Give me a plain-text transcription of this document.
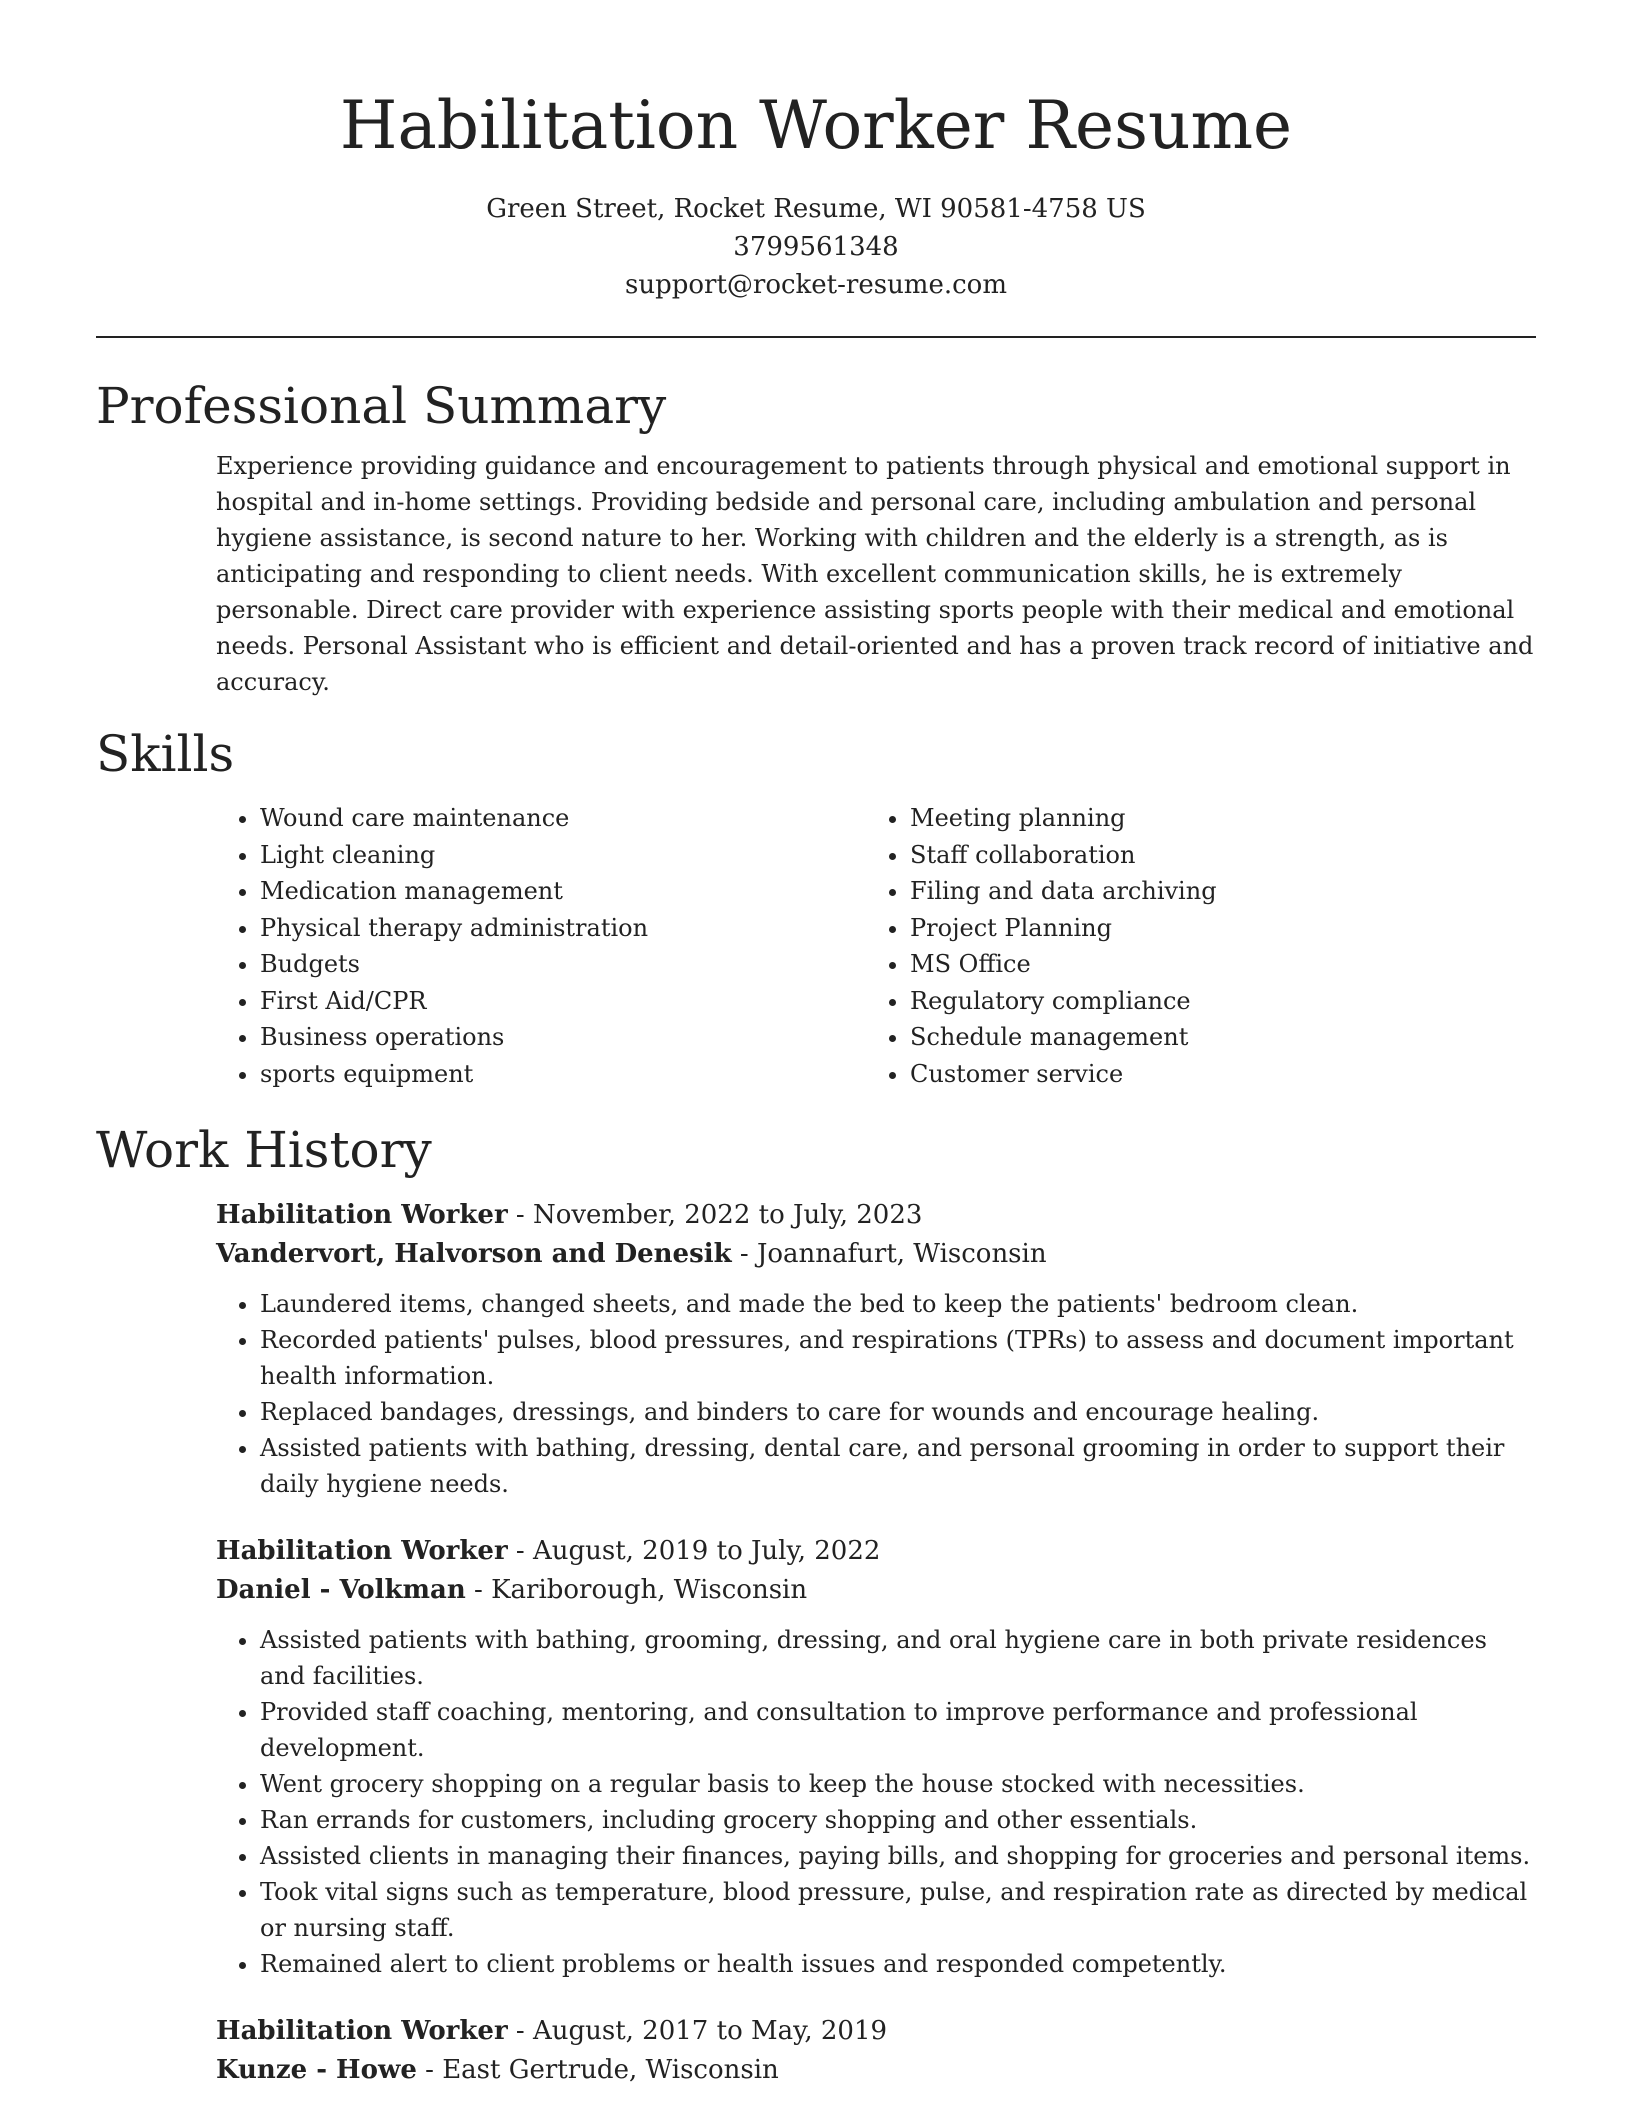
Habilitation Worker Resume

Green Street, Rocket Resume, WI 90581-4758 US

3799561348

support@rocket-resume.com

Professional Summary

Experience providing guidance and encouragement to patients through physical and emotional support in hospital and in-home settings. Providing bedside and personal care, including ambulation and personal hygiene assistance, is second nature to her. Working with children and the elderly is a strength, as is anticipating and responding to client needs. With excellent communication skills, he is extremely personable. Direct care provider with experience assisting sports people with their medical and emotional needs. Personal Assistant who is efficient and detail-oriented and has a proven track record of initiative and accuracy.

Skills
• Wound care maintenance
• Light cleaning
• Medication management
• Physical therapy administration
• Budgets
• First Aid/CPR
• Business operations
• sports equipment
• Meeting planning
• Staff collaboration
• Filing and data archiving
• Project Planning
• MS Office
• Regulatory compliance
• Schedule management
• Customer service
Work History

Habilitation Worker - November, 2022 to July, 2023

Vandervort, Halvorson and Denesik - Joannafurt, Wisconsin

• Laundered items, changed sheets, and made the bed to keep the patients' bedroom clean.
• Recorded patients' pulses, blood pressures, and respirations (TPRs) to assess and document important health information.
• Replaced bandages, dressings, and binders to care for wounds and encourage healing.
• Assisted patients with bathing, dressing, dental care, and personal grooming in order to support their daily hygiene needs.

Habilitation Worker - August, 2019 to July, 2022

Daniel - Volkman - Kariborough, Wisconsin

• Assisted patients with bathing, grooming, dressing, and oral hygiene care in both private residences and facilities.
• Provided staff coaching, mentoring, and consultation to improve performance and professional development.
• Went grocery shopping on a regular basis to keep the house stocked with necessities.
• Ran errands for customers, including grocery shopping and other essentials.
• Assisted clients in managing their finances, paying bills, and shopping for groceries and personal items.
• Took vital signs such as temperature, blood pressure, pulse, and respiration rate as directed by medical or nursing staff.
• Remained alert to client problems or health issues and responded competently.

Habilitation Worker - August, 2017 to May, 2019

Kunze - Howe - East Gertrude, Wisconsin
